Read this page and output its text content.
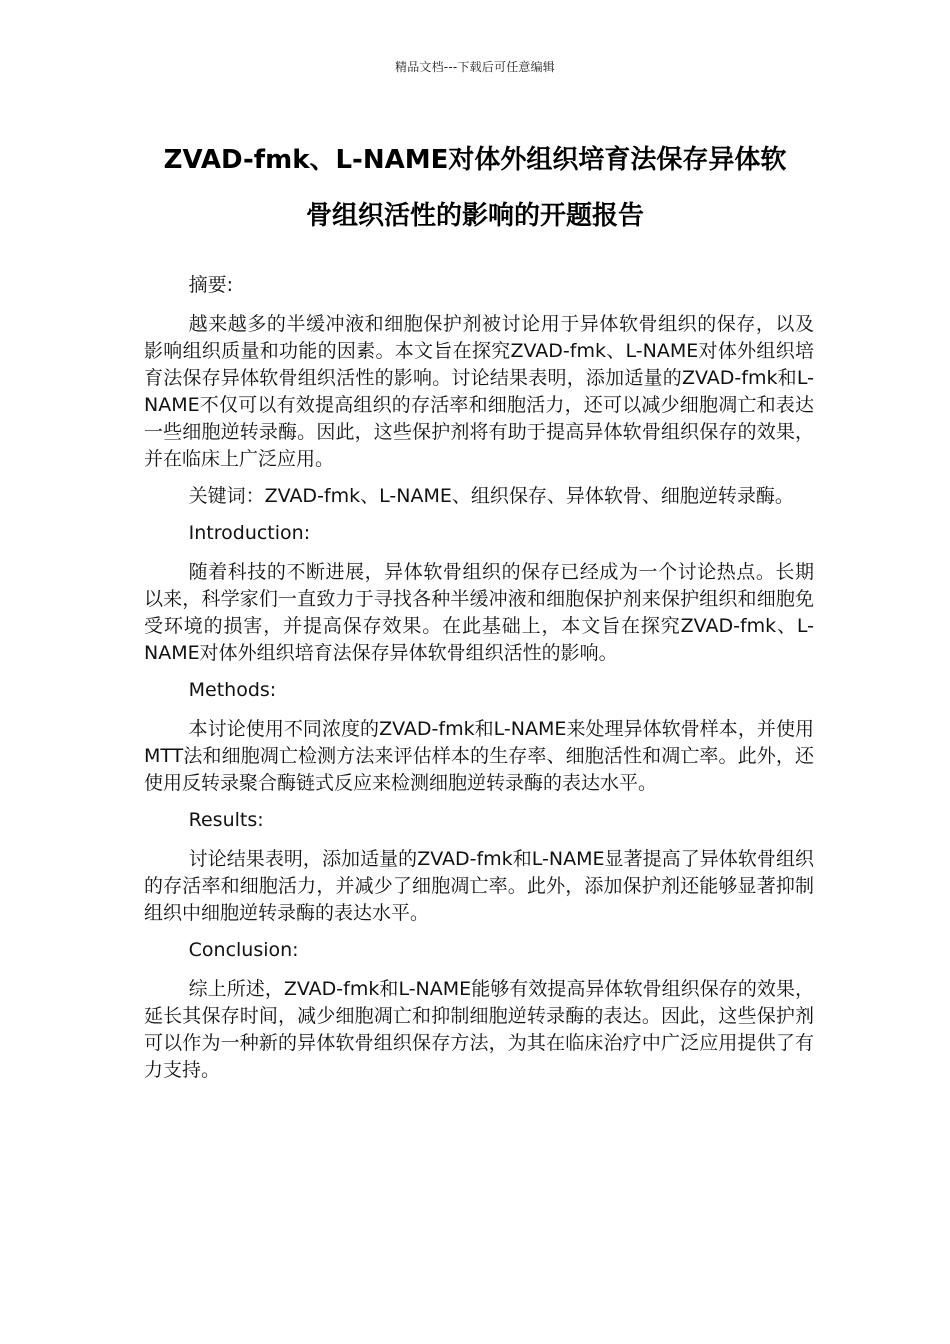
精品文档---下载后可任意编辑
ZVAD-fmk、L-NAME对体外组织培育法保存异体软
骨组织活性的影响的开题报告

摘要:

越来越多的半缓冲液和细胞保护剂被讨论用于异体软骨组织的保存，以及影响组织质量和功能的因素。本文旨在探究ZVAD-fmk、L-NAME对体外组织培育法保存异体软骨组织活性的影响。讨论结果表明，添加适量的ZVAD-fmk和L-NAME不仅可以有效提高组织的存活率和细胞活力，还可以减少细胞凋亡和表达一些细胞逆转录酶。因此，这些保护剂将有助于提高异体软骨组织保存的效果，并在临床上广泛应用。

关键词：ZVAD-fmk、L-NAME、组织保存、异体软骨、细胞逆转录酶。

Introduction:

随着科技的不断进展，异体软骨组织的保存已经成为一个讨论热点。长期以来，科学家们一直致力于寻找各种半缓冲液和细胞保护剂来保护组织和细胞免受环境的损害，并提高保存效果。在此基础上，本文旨在探究ZVAD-fmk、L-NAME对体外组织培育法保存异体软骨组织活性的影响。

Methods:

本讨论使用不同浓度的ZVAD-fmk和L-NAME来处理异体软骨样本，并使用MTT法和细胞凋亡检测方法来评估样本的生存率、细胞活性和凋亡率。此外，还使用反转录聚合酶链式反应来检测细胞逆转录酶的表达水平。

Results:

讨论结果表明，添加适量的ZVAD-fmk和L-NAME显著提高了异体软骨组织的存活率和细胞活力，并减少了细胞凋亡率。此外，添加保护剂还能够显著抑制组织中细胞逆转录酶的表达水平。

Conclusion:

综上所述，ZVAD-fmk和L-NAME能够有效提高异体软骨组织保存的效果，延长其保存时间，减少细胞凋亡和抑制细胞逆转录酶的表达。因此，这些保护剂可以作为一种新的异体软骨组织保存方法，为其在临床治疗中广泛应用提供了有力支持。
